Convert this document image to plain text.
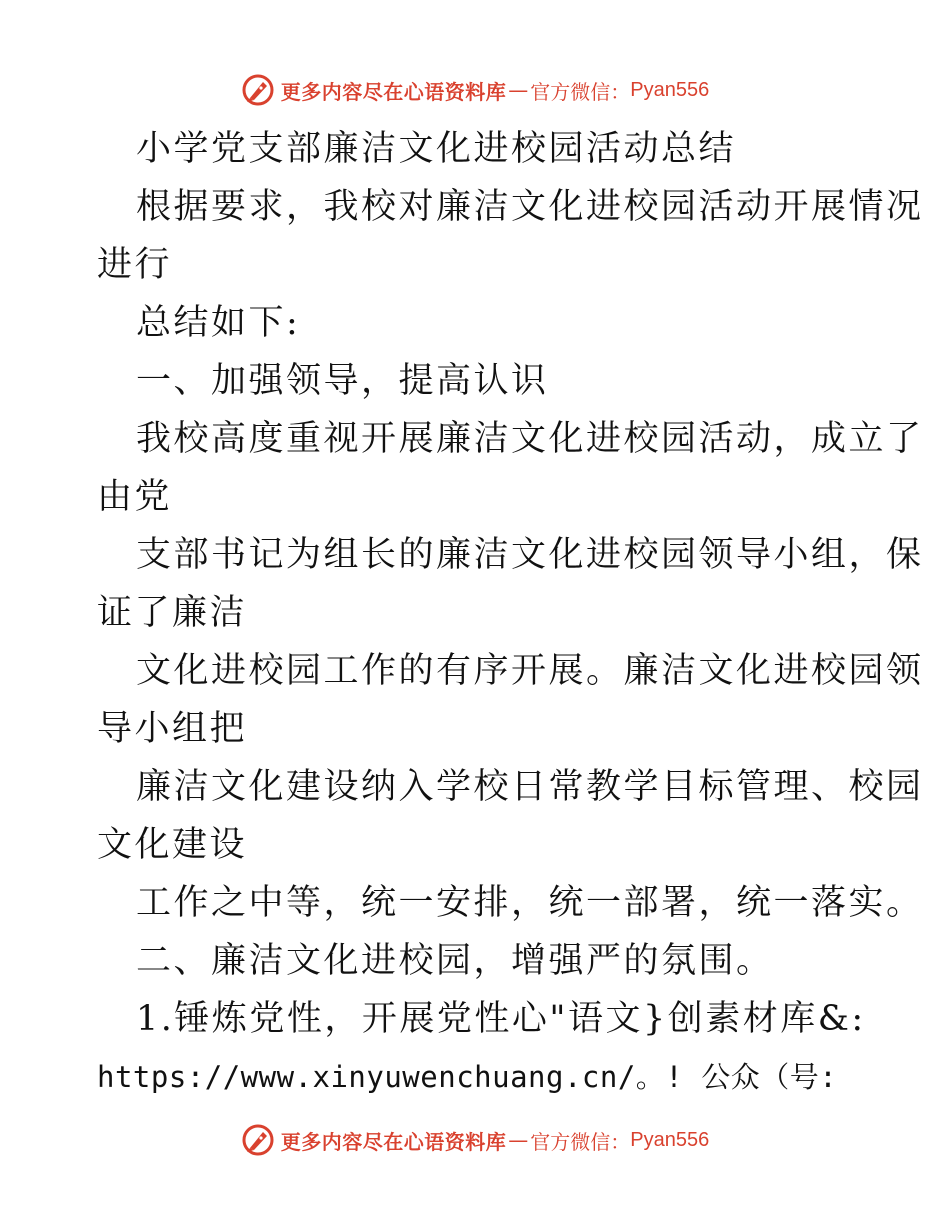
更多内容尽在心语资料库 — 官方微信： Pyan556
小学党支部廉洁文化进校园活动总结
根据要求，我校对廉洁文化进校园活动开展情况
进行
总结如下:
一、加强领导，提高认识
我校高度重视开展廉洁文化进校园活动，成立了
由党
支部书记为组长的廉洁文化进校园领导小组，保
证了廉洁
文化进校园工作的有序开展。廉洁文化进校园领
导小组把
廉洁文化建设纳入学校日常教学目标管理、校园
文化建设
工作之中等，统一安排，统一部署，统一落实。
二、廉洁文化进校园，增强严的氛围。
1.锤炼党性，开展党性心"语文}创素材库&:
https://www.xinyuwenchuang.cn/。! 公众（号:
更多内容尽在心语资料库 — 官方微信： Pyan556
